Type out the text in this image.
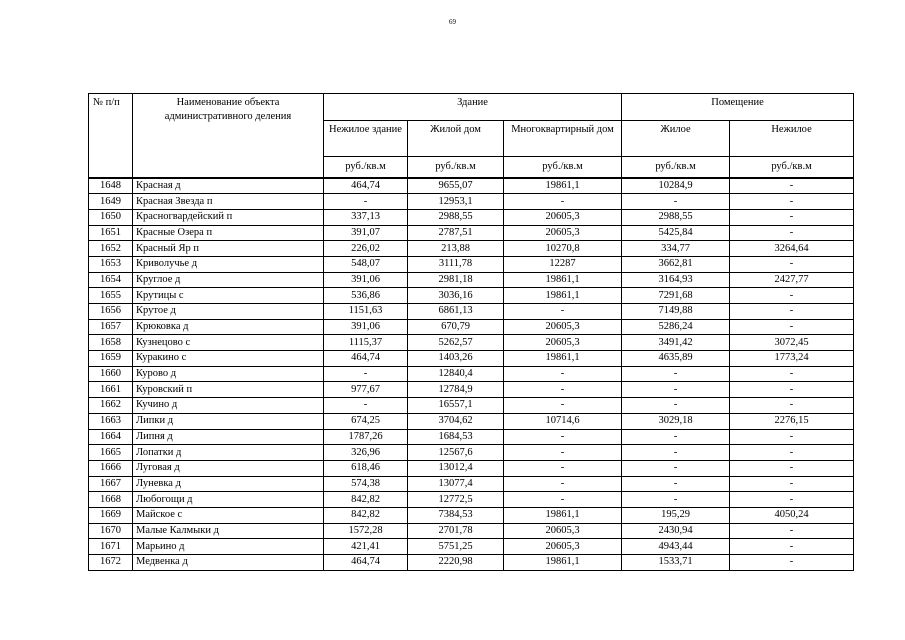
69
№ п/п	Наименование объекта административного деления	Здание			Помещение	
		Нежилое здание	Жилой дом	Многоквартирный дом	Жилое	Нежилое
		руб./кв.м	руб./кв.м	руб./кв.м	руб./кв.м	руб./кв.м
1648	Красная д	464,74	9655,07	19861,1	10284,9	-
1649	Красная Звезда п	-	12953,1	-	-	-
1650	Красногвардейский п	337,13	2988,55	20605,3	2988,55	-
1651	Красные Озера п	391,07	2787,51	20605,3	5425,84	-
1652	Красный Яр п	226,02	213,88	10270,8	334,77	3264,64
1653	Криволучье д	548,07	3111,78	12287	3662,81	-
1654	Круглое д	391,06	2981,18	19861,1	3164,93	2427,77
1655	Крутицы с	536,86	3036,16	19861,1	7291,68	-
1656	Крутое д	1151,63	6861,13	-	7149,88	-
1657	Крюковка д	391,06	670,79	20605,3	5286,24	-
1658	Кузнецово с	1115,37	5262,57	20605,3	3491,42	3072,45
1659	Куракино с	464,74	1403,26	19861,1	4635,89	1773,24
1660	Курово д	-	12840,4	-	-	-
1661	Куровский п	977,67	12784,9	-	-	-
1662	Кучино д	-	16557,1	-	-	-
1663	Липки д	674,25	3704,62	10714,6	3029,18	2276,15
1664	Липня д	1787,26	1684,53	-	-	-
1665	Лопатки д	326,96	12567,6	-	-	-
1666	Луговая д	618,46	13012,4	-	-	-
1667	Луневка д	574,38	13077,4	-	-	-
1668	Любогощи д	842,82	12772,5	-	-	-
1669	Майское с	842,82	7384,53	19861,1	195,29	4050,24
1670	Малые Калмыки д	1572,28	2701,78	20605,3	2430,94	-
1671	Марьино д	421,41	5751,25	20605,3	4943,44	-
1672	Медвенка д	464,74	2220,98	19861,1	1533,71	-
